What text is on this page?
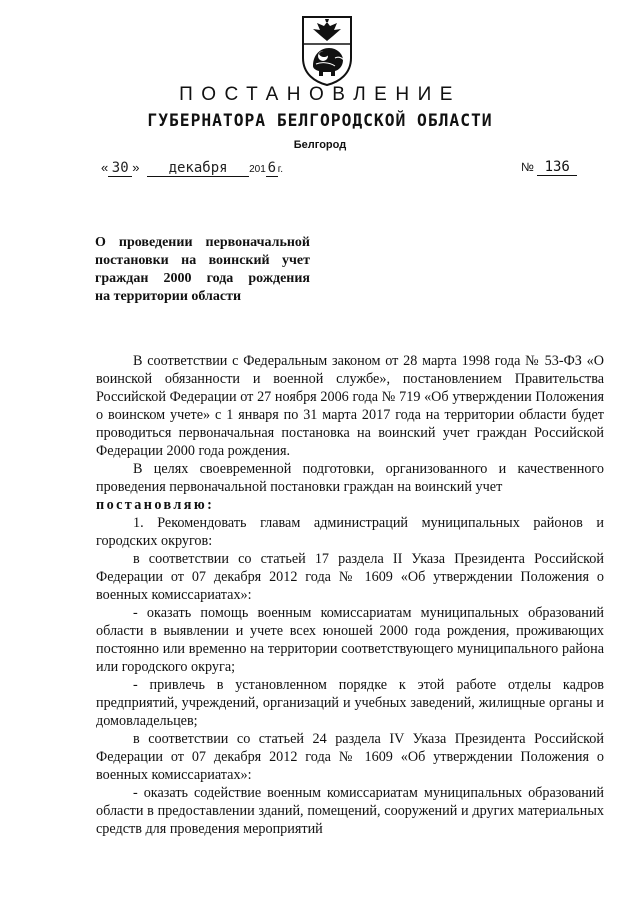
ПОСТАНОВЛЕНИЕ
ГУБЕРНАТОРА БЕЛГОРОДСКОЙ ОБЛАСТИ
Белгород
« 30 » декабря 201 6 г.	№ 136
О проведении первоначальной
постановки на воинский учет
граждан 2000 года рождения
на территории области

В соответствии с Федеральным законом от 28 марта 1998 года № 53-ФЗ «О воинской обязанности и военной службе», постановлением Правительства Российской Федерации от 27 ноября 2006 года № 719 «Об утверждении Положения о воинском учете» с 1 января по 31 марта 2017 года на территории области будет проводиться первоначальная постановка на воинский учет граждан Российской Федерации 2000 года рождения.

В целях своевременной подготовки, организованного и качественного проведения первоначальной постановки граждан на воинский учет

постановляю:

1. Рекомендовать главам администраций муниципальных районов и городских округов:

в соответствии со статьей 17 раздела II Указа Президента Российской Федерации от 07 декабря 2012 года № 1609 «Об утверждении Положения о военных комиссариатах»:

- оказать помощь военным комиссариатам муниципальных образований области в выявлении и учете всех юношей 2000 года рождения, проживающих постоянно или временно на территории соответствующего муниципального района или городского округа;

- привлечь в установленном порядке к этой работе отделы кадров предприятий, учреждений, организаций и учебных заведений, жилищные органы и домовладельцев;

в соответствии со статьей 24 раздела IV Указа Президента Российской Федерации от 07 декабря 2012 года № 1609 «Об утверждении Положения о военных комиссариатах»:

- оказать содействие военным комиссариатам муниципальных образований области в предоставлении зданий, помещений, сооружений и других материальных средств для проведения мероприятий
